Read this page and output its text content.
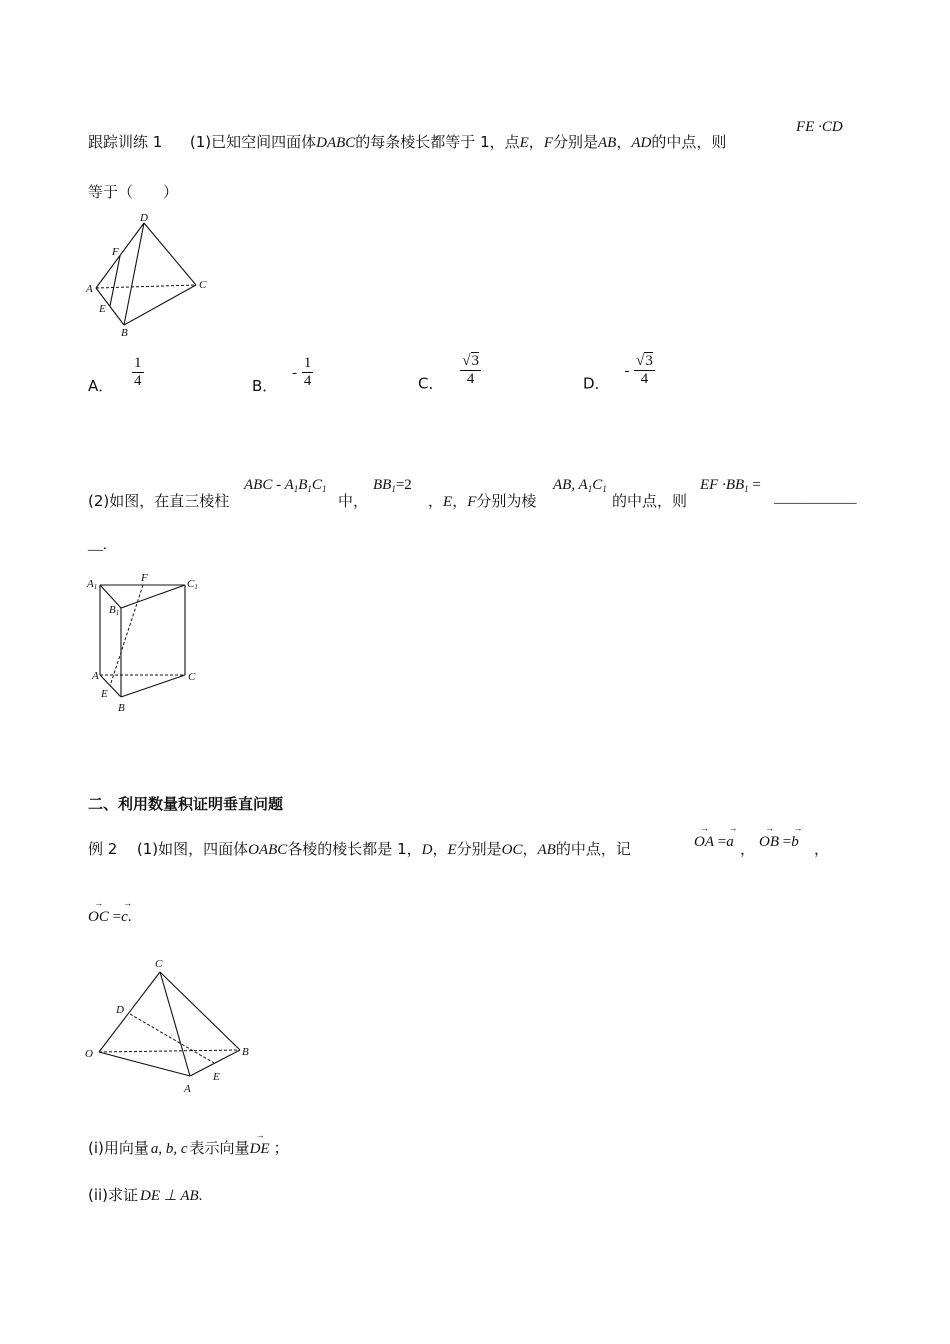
跟踪训练 1 (1)已知空间四面体DABC的每条棱长都等于 1，点E，F分别是AB，AD的中点，则
FE ·CD
等于（　　）
D
F
A	C
E
B
A． $\frac{1}{4}$	B． - $\frac{1}{4}$	C． $\frac{√3}{4}$	D． - $\frac{√3}{4}$
(2)如图，在直三棱柱
ABC - $A_1B_1C_1$
中，
$BB_1=2$
，E，F分别为棱
AB, $A_1C_1$
的中点，则
EF $\cdot BB_1$ =
___________
__.
A1
F	C1
B1
A	C
E
B
二、利用数量积证明垂直问题
例 2 (1)如图，四面体OABC各棱的棱长都是 1，D，E分别是OC，AB的中点，记	→ OA =→ a ， → OB =→ b ，
→ OC =→ c.
C
D
O	B
E
A
(i)用向量 a, b, c 表示向量→ DE ；
(ii)求证 DE ⊥ AB.
